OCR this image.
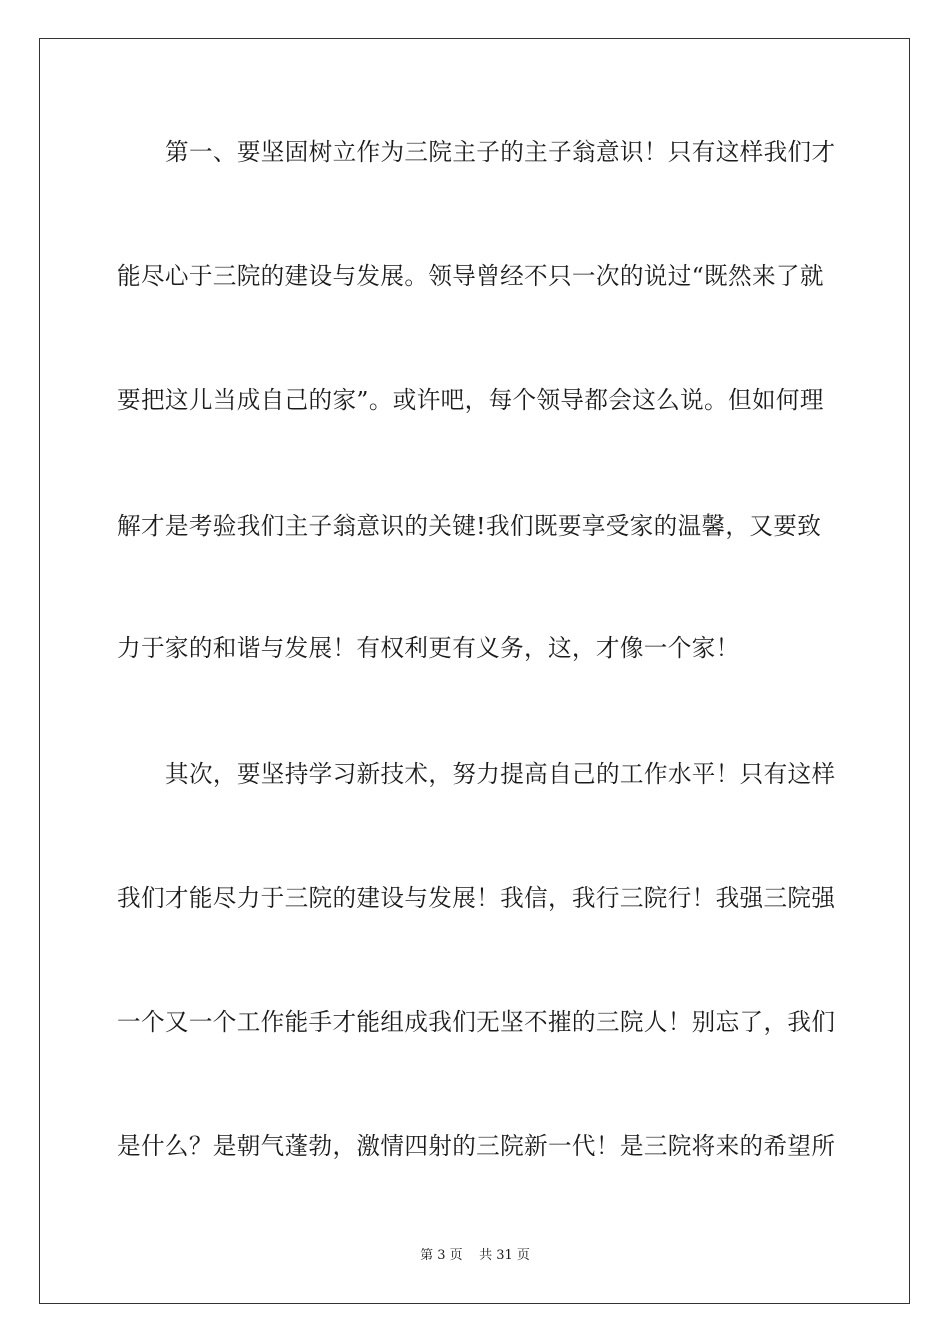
第一、要坚固树立作为三院主子的主子翁意识！只有这样我们才
能尽心于三院的建设与发展。领导曾经不只一次的说过“既然来了就
要把这儿当成自己的家”。或许吧，每个领导都会这么说。但如何理
解才是考验我们主子翁意识的关键!我们既要享受家的温馨，又要致
力于家的和谐与发展！有权利更有义务，这，才像一个家！
其次，要坚持学习新技术，努力提高自己的工作水平！只有这样
我们才能尽力于三院的建设与发展！我信，我行三院行！我强三院强
一个又一个工作能手才能组成我们无坚不摧的三院人！别忘了，我们
是什么？是朝气蓬勃，激情四射的三院新一代！是三院将来的希望所
第 3 页    共 31 页
